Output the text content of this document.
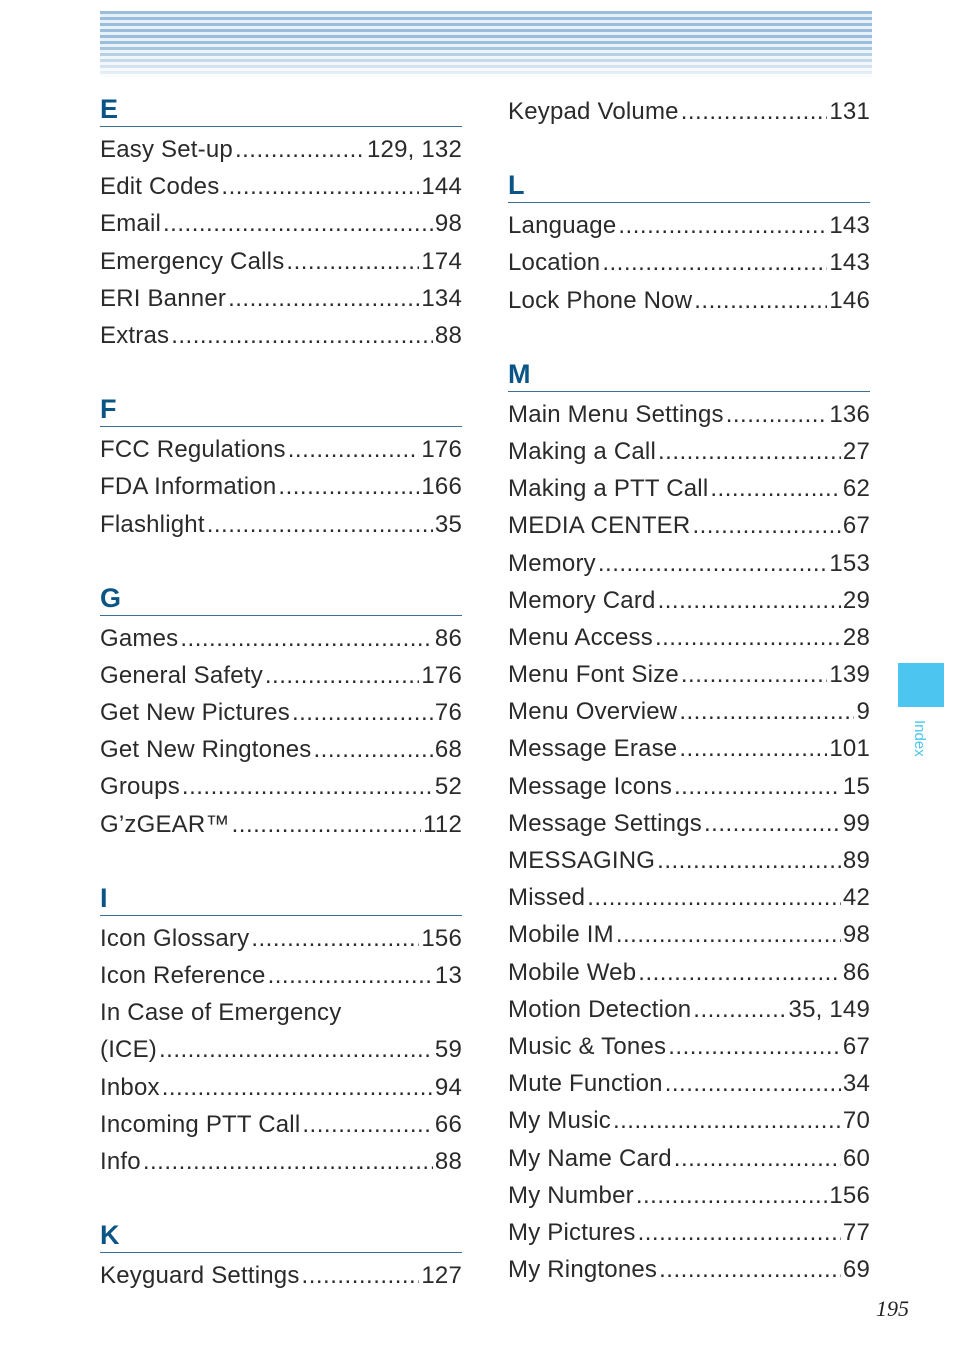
E
Easy Set-up .....	129, 132
Edit Codes .....	144
Email .....	98
Emergency Calls .....	174
ERI Banner .....	134
Extras .....	88
F
FCC Regulations .....	176
FDA Information .....	166
Flashlight .....	35
G
Games .....	86
General Safety .....	176
Get New Pictures .....	76
Get New Ringtones .....	68
Groups .....	52
G’zGEAR™ .....	112
I
Icon Glossary .....	156
Icon Reference .....	13
In Case of Emergency
(ICE) .....	59
Inbox .....	94
Incoming PTT Call .....	66
Info .....	88
K
Keyguard Settings .....	127
Keypad Volume .....	131
L
Language .....	143
Location .....	143
Lock Phone Now .....	146
M
Main Menu Settings .....	136
Making a Call .....	27
Making a PTT Call .....	62
MEDIA CENTER .....	67
Memory .....	153
Memory Card .....	29
Menu Access .....	28
Menu Font Size .....	139
Menu Overview .....	9
Message Erase .....	101
Message Icons .....	15
Message Settings .....	99
MESSAGING .....	89
Missed .....	42
Mobile IM .....	98
Mobile Web .....	86
Motion Detection .....	35, 149
Music & Tones .....	67
Mute Function .....	34
My Music .....	70
My Name Card .....	60
My Number .....	156
My Pictures .....	77
My Ringtones .....	69
Index
195
